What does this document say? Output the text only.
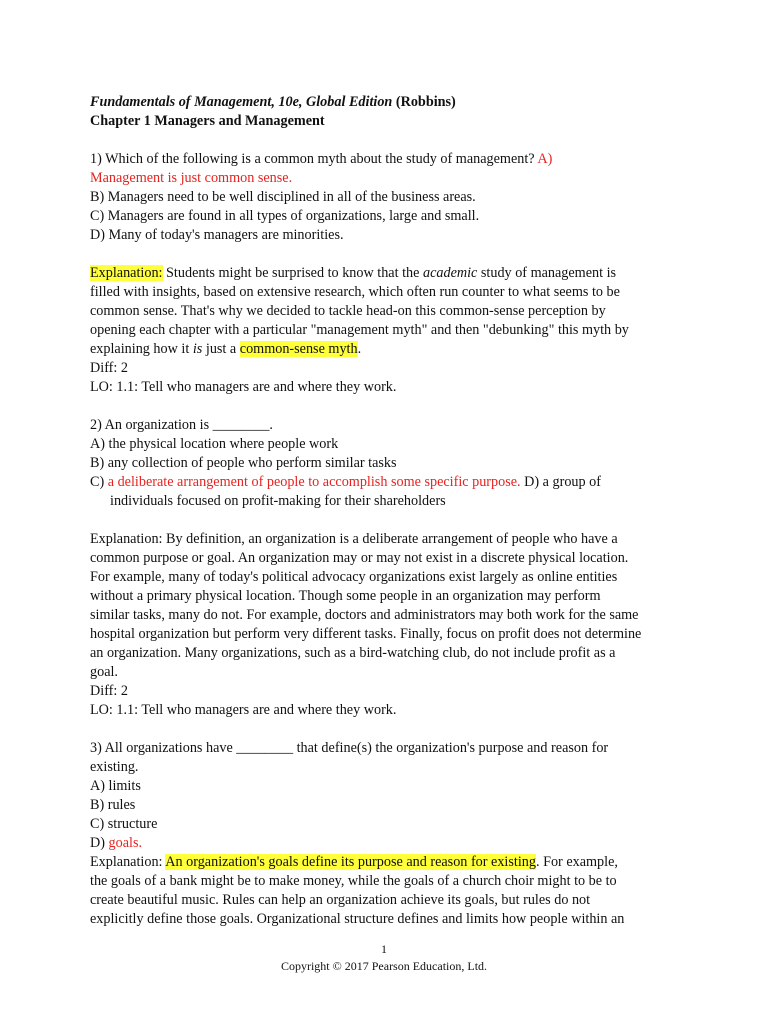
Fundamentals of Management, 10e, Global Edition (Robbins)
Chapter 1 Managers and Management
1) Which of the following is a common myth about the study of management? A)
Management is just common sense.
B) Managers need to be well disciplined in all of the business areas.
C) Managers are found in all types of organizations, large and small.
D) Many of today's managers are minorities.
Explanation: Students might be surprised to know that the academic study of management is
filled with insights, based on extensive research, which often run counter to what seems to be
common sense. That's why we decided to tackle head-on this common-sense perception by
opening each chapter with a particular "management myth" and then "debunking" this myth by
explaining how it is just a common-sense myth.
Diff: 2
LO: 1.1: Tell who managers are and where they work.
2) An organization is ________.
A) the physical location where people work
B) any collection of people who perform similar tasks
C) a deliberate arrangement of people to accomplish some specific purpose. D) a group of
individuals focused on profit-making for their shareholders
Explanation: By definition, an organization is a deliberate arrangement of people who have a
common purpose or goal. An organization may or may not exist in a discrete physical location.
For example, many of today's political advocacy organizations exist largely as online entities
without a primary physical location. Though some people in an organization may perform
similar tasks, many do not. For example, doctors and administrators may both work for the same
hospital organization but perform very different tasks. Finally, focus on profit does not determine
an organization. Many organizations, such as a bird-watching club, do not include profit as a
goal.
Diff: 2
LO: 1.1: Tell who managers are and where they work.
3) All organizations have ________ that define(s) the organization's purpose and reason for
existing.
A) limits
B) rules
C) structure
D) goals.
Explanation: An organization's goals define its purpose and reason for existing. For example,
the goals of a bank might be to make money, while the goals of a church choir might to be to
create beautiful music. Rules can help an organization achieve its goals, but rules do not
explicitly define those goals. Organizational structure defines and limits how people within an
1
Copyright © 2017 Pearson Education, Ltd.
